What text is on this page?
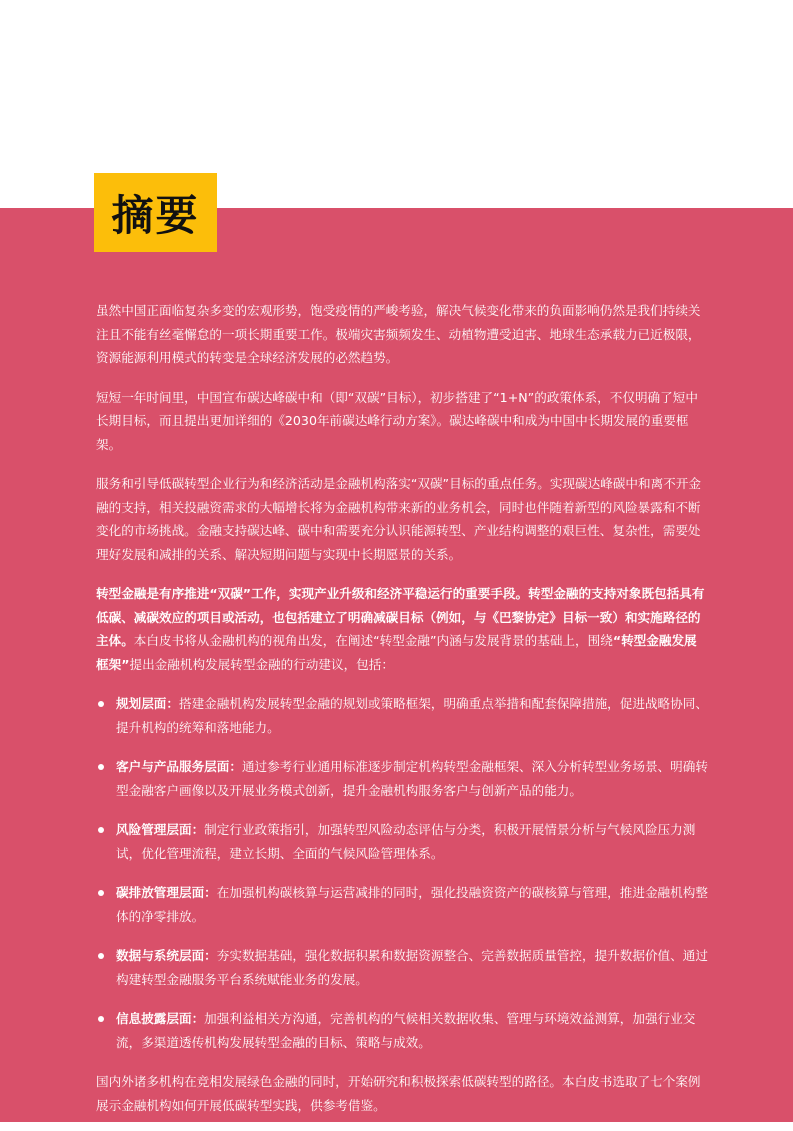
摘要

虽然中国正面临复杂多变的宏观形势，饱受疫情的严峻考验，解决气候变化带来的负面影响仍然是我们持续关注且不能有丝毫懈怠的一项长期重要工作。极端灾害频频发生、动植物遭受迫害、地球生态承载力已近极限，资源能源利用模式的转变是全球经济发展的必然趋势。

短短一年时间里，中国宣布碳达峰碳中和（即“双碳”目标），初步搭建了“1+N”的政策体系，不仅明确了短中长期目标，而且提出更加详细的《2030年前碳达峰行动方案》。碳达峰碳中和成为中国中长期发展的重要框架。

服务和引导低碳转型企业行为和经济活动是金融机构落实“双碳”目标的重点任务。实现碳达峰碳中和离不开金融的支持，相关投融资需求的大幅增长将为金融机构带来新的业务机会，同时也伴随着新型的风险暴露和不断变化的市场挑战。金融支持碳达峰、碳中和需要充分认识能源转型、产业结构调整的艰巨性、复杂性，需要处理好发展和减排的关系、解决短期问题与实现中长期愿景的关系。

转型金融是有序推进“双碳”工作，实现产业升级和经济平稳运行的重要手段。转型金融的支持对象既包括具有低碳、减碳效应的项目或活动，也包括建立了明确减碳目标（例如，与《巴黎协定》目标一致）和实施路径的主体。本白皮书将从金融机构的视角出发，在阐述“转型金融”内涵与发展背景的基础上，围绕“转型金融发展框架”提出金融机构发展转型金融的行动建议，包括：

规划层面：搭建金融机构发展转型金融的规划或策略框架，明确重点举措和配套保障措施，促进战略协同、提升机构的统筹和落地能力。
客户与产品服务层面：通过参考行业通用标准逐步制定机构转型金融框架、深入分析转型业务场景、明确转型金融客户画像以及开展业务模式创新，提升金融机构服务客户与创新产品的能力。
风险管理层面：制定行业政策指引，加强转型风险动态评估与分类，积极开展情景分析与气候风险压力测试，优化管理流程，建立长期、全面的气候风险管理体系。
碳排放管理层面：在加强机构碳核算与运营减排的同时，强化投融资资产的碳核算与管理，推进金融机构整体的净零排放。
数据与系统层面：夯实数据基础，强化数据积累和数据资源整合、完善数据质量管控，提升数据价值、通过构建转型金融服务平台系统赋能业务的发展。
信息披露层面：加强利益相关方沟通，完善机构的气候相关数据收集、管理与环境效益测算，加强行业交流，多渠道透传机构发展转型金融的目标、策略与成效。

国内外诸多机构在竞相发展绿色金融的同时，开始研究和积极探索低碳转型的路径。本白皮书选取了七个案例展示金融机构如何开展低碳转型实践，供参考借鉴。
